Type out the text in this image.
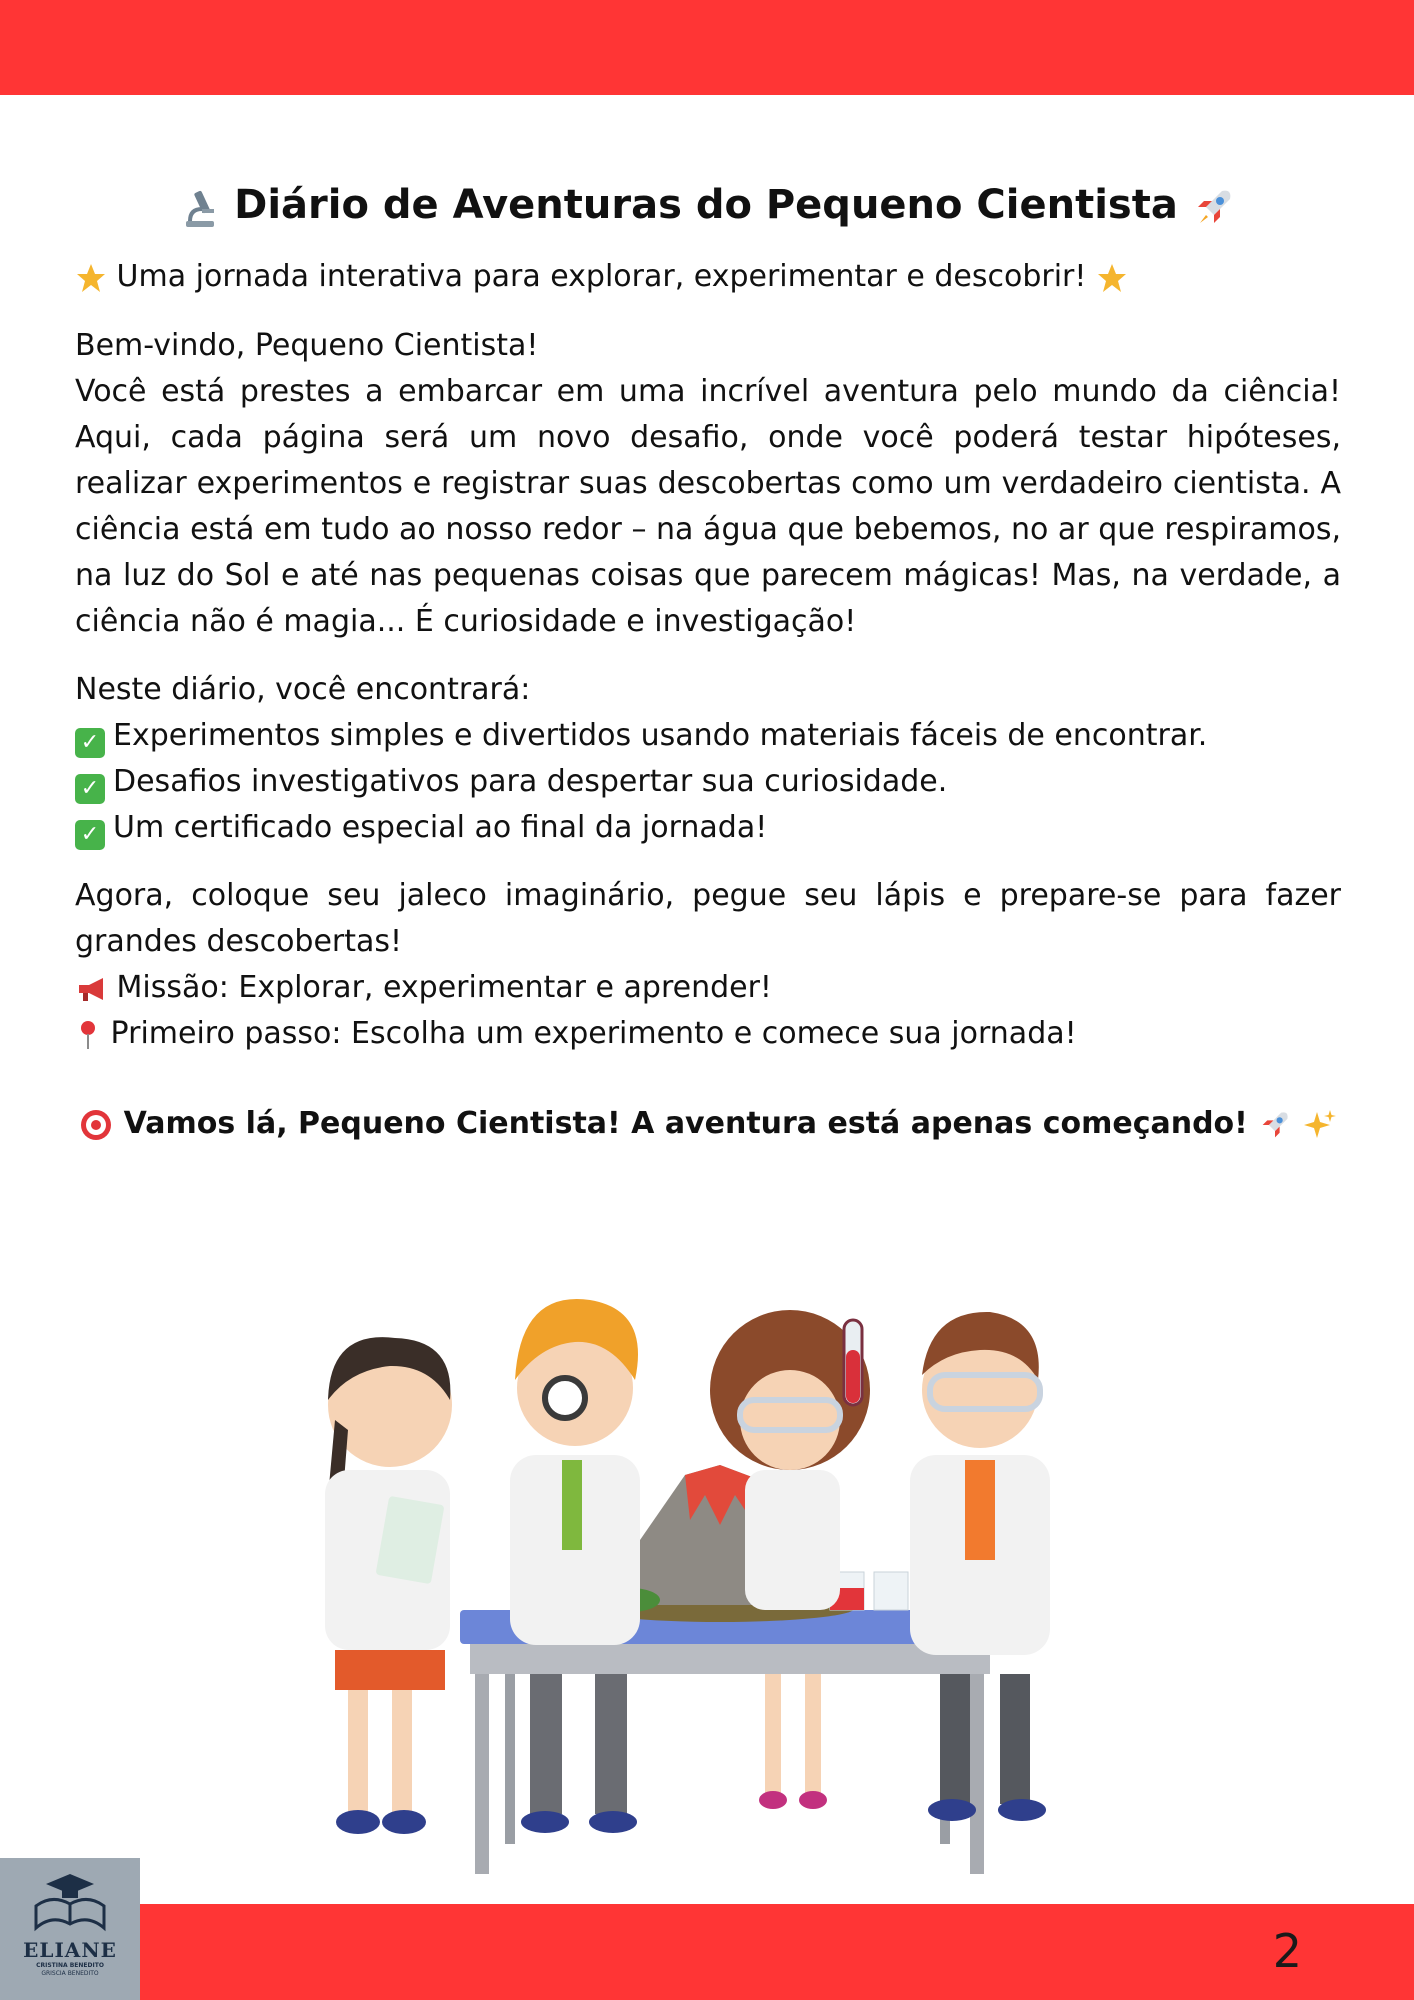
Diário de Aventuras do Pequeno Cientista
Uma jornada interativa para explorar, experimentar e descobrir!
Bem-vindo, Pequeno Cientista!

Você está prestes a embarcar em uma incrível aventura pelo mundo da ciência! Aqui, cada página será um novo desafio, onde você poderá testar hipóteses, realizar experimentos e registrar suas descobertas como um verdadeiro cientista. A ciência está em tudo ao nosso redor – na água que bebemos, no ar que respiramos, na luz do Sol e até nas pequenas coisas que parecem mágicas! Mas, na verdade, a ciência não é magia... É curiosidade e investigação!

Neste diário, você encontrará:
✓ Experimentos simples e divertidos usando materiais fáceis de encontrar.
✓ Desafios investigativos para despertar sua curiosidade.
✓ Um certificado especial ao final da jornada!

Agora, coloque seu jaleco imaginário, pegue seu lápis e prepare-se para fazer grandes descobertas!

Missão: Explorar, experimentar e aprender!
Primeiro passo: Escolha um experimento e comece sua jornada!
Vamos lá, Pequeno Cientista! A aventura está apenas começando!
2
ELIANE
CRISTINA BENEDITO
GRISCIA BENEDITO
